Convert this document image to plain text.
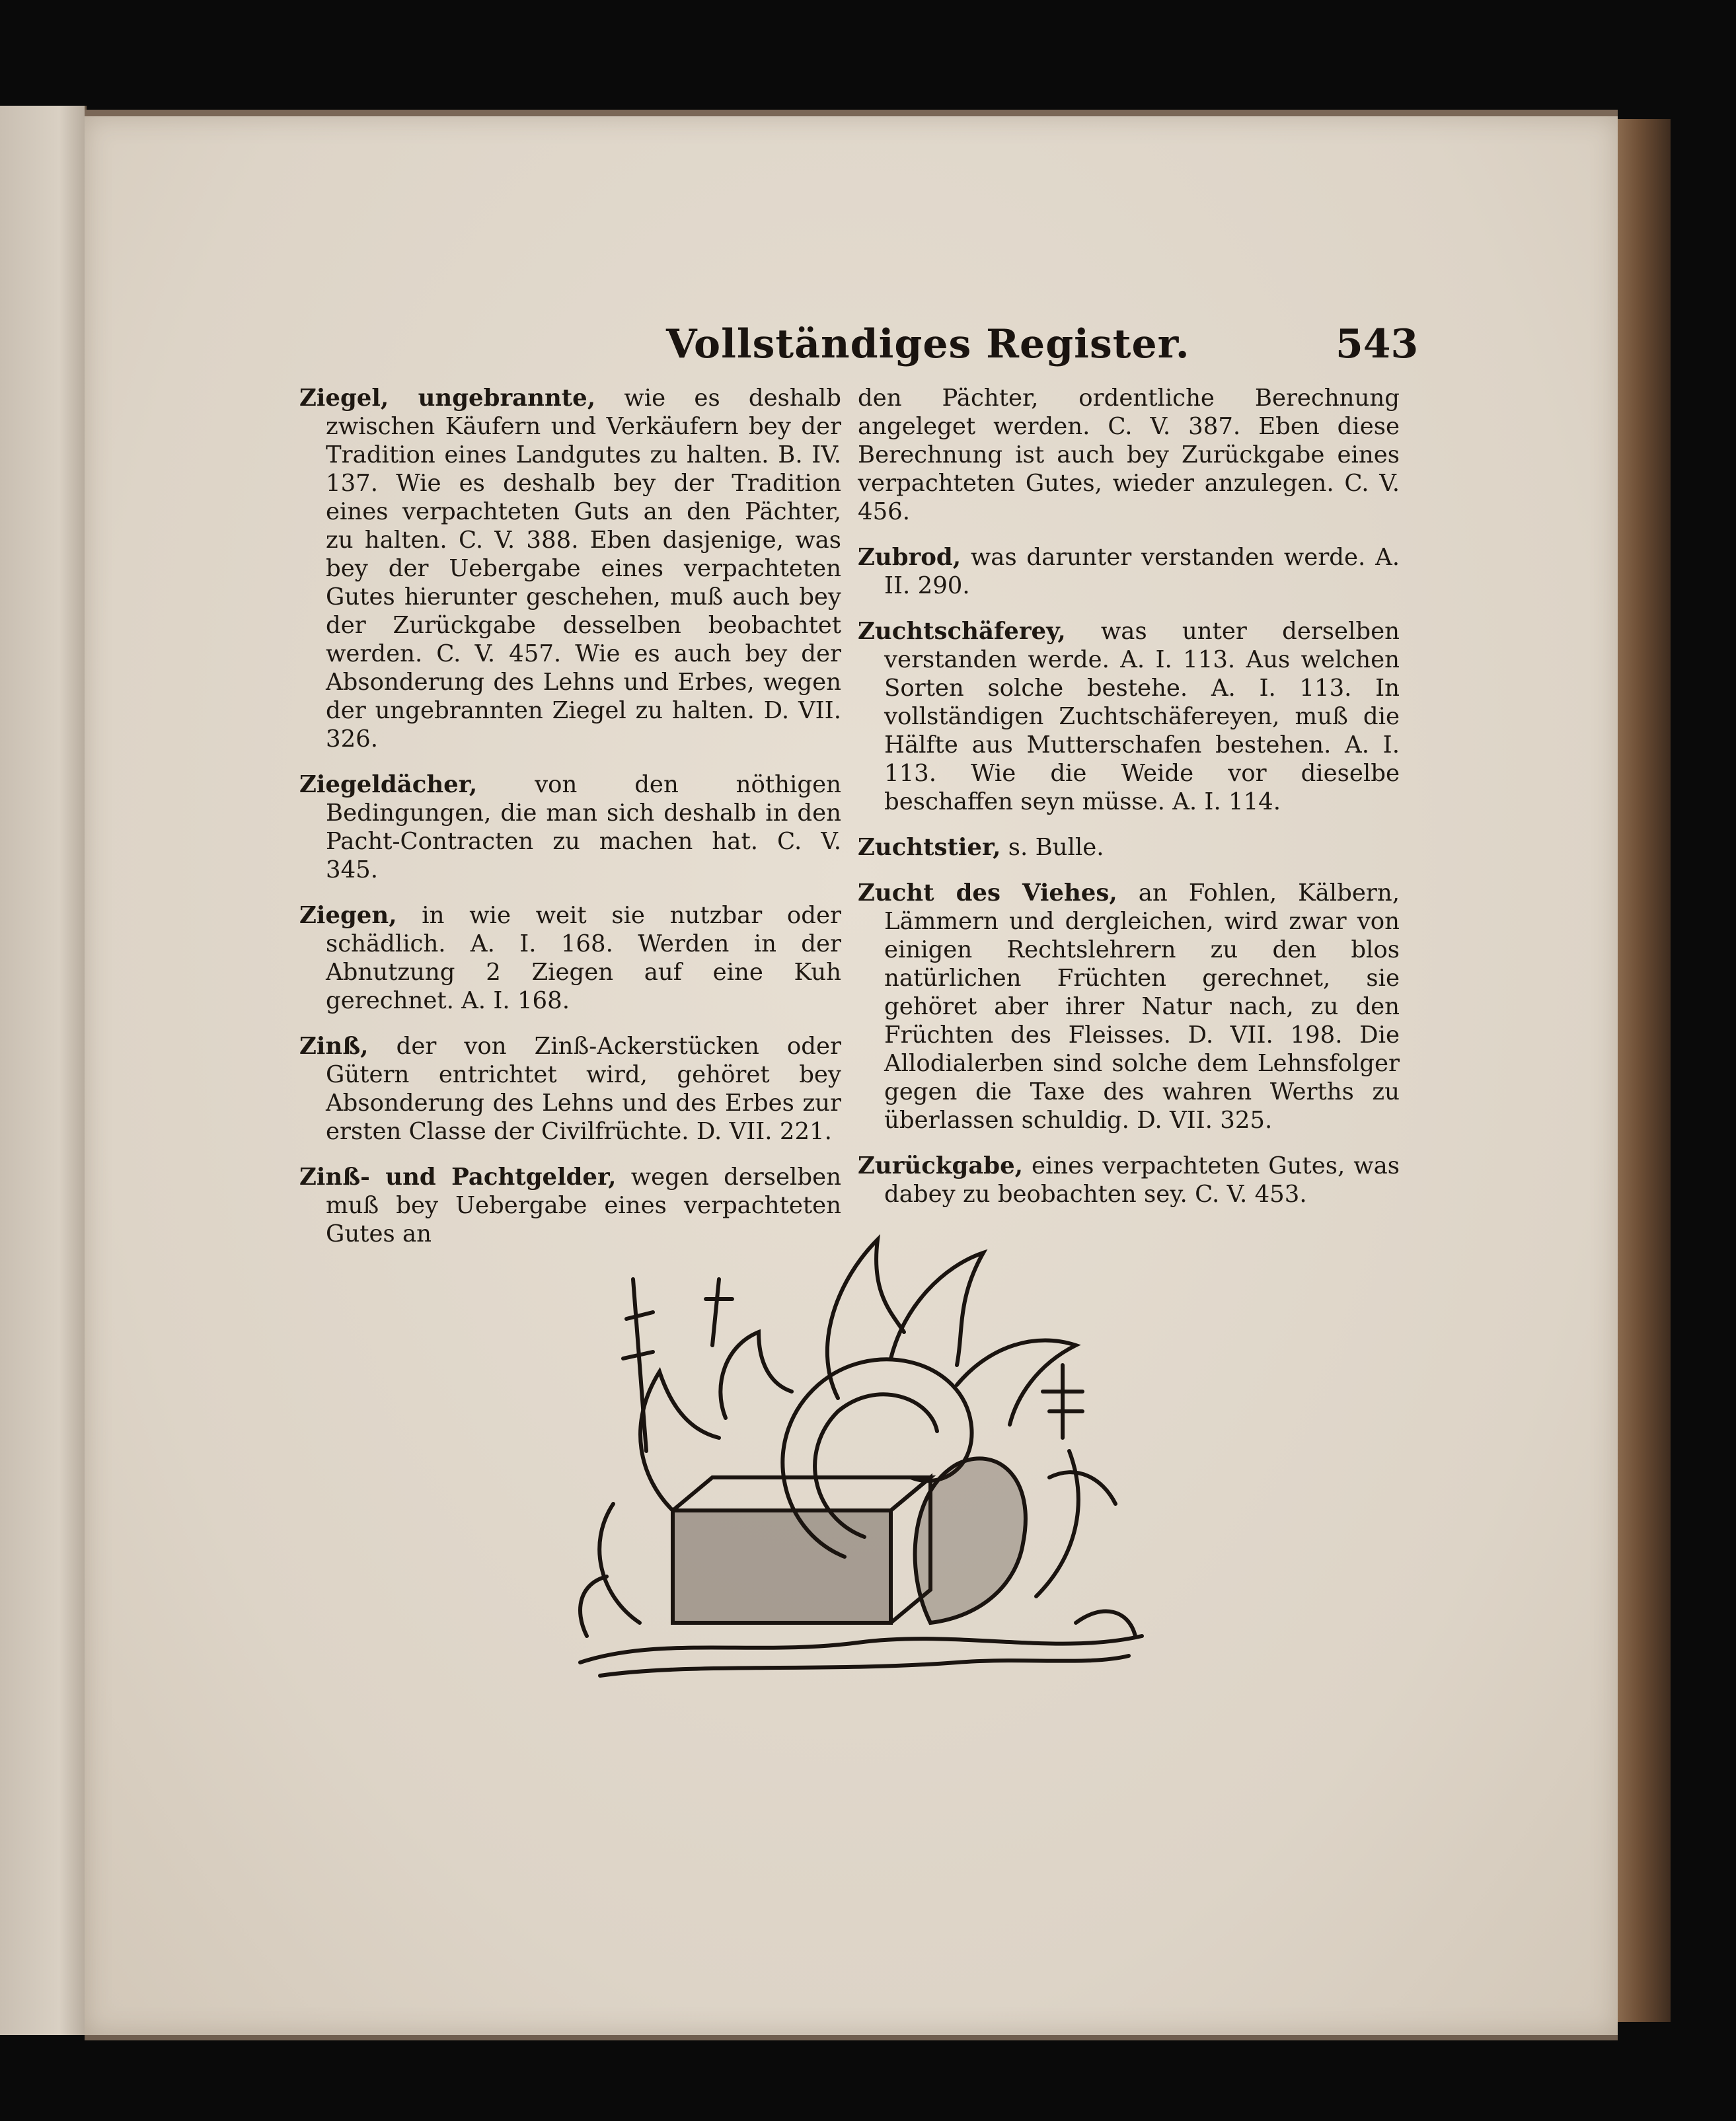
Vollständiges Register.	543

Ziegel, ungebrannte, wie es deshalb zwischen Käufern und Verkäufern bey der Tradition eines Landgutes zu halten. B. IV. 137. Wie es deshalb bey der Tradition eines verpachteten Guts an den Pächter, zu halten. C. V. 388. Eben dasjenige, was bey der Uebergabe eines verpachteten Gutes hierunter geschehen, muß auch bey der Zurückgabe desselben beobachtet werden. C. V. 457. Wie es auch bey der Absonderung des Lehns und Erbes, wegen der ungebrannten Ziegel zu halten. D. VII. 326.

Ziegeldächer, von den nöthigen Bedingungen, die man sich deshalb in den Pacht-Contracten zu machen hat. C. V. 345.

Ziegen, in wie weit sie nutzbar oder schädlich. A. I. 168. Werden in der Abnutzung 2 Ziegen auf eine Kuh gerechnet. A. I. 168.

Zinß, der von Zinß-Ackerstücken oder Gütern entrichtet wird, gehöret bey Absonderung des Lehns und des Erbes zur ersten Classe der Civilfrüchte. D. VII. 221.

Zinß- und Pachtgelder, wegen derselben muß bey Uebergabe eines verpachteten Gutes an

den Pächter, ordentliche Berechnung angeleget werden. C. V. 387. Eben diese Berechnung ist auch bey Zurückgabe eines verpachteten Gutes, wieder anzulegen. C. V. 456.

Zubrod, was darunter verstanden werde. A. II. 290.

Zuchtschäferey, was unter derselben verstanden werde. A. I. 113. Aus welchen Sorten solche bestehe. A. I. 113. In vollständigen Zuchtschäfereyen, muß die Hälfte aus Mutterschafen bestehen. A. I. 113. Wie die Weide vor dieselbe beschaffen seyn müsse. A. I. 114.

Zuchtstier, s. Bulle.

Zucht des Viehes, an Fohlen, Kälbern, Lämmern und dergleichen, wird zwar von einigen Rechtslehrern zu den blos natürlichen Früchten gerechnet, sie gehöret aber ihrer Natur nach, zu den Früchten des Fleisses. D. VII. 198. Die Allodialerben sind solche dem Lehnsfolger gegen die Taxe des wahren Werths zu überlassen schuldig. D. VII. 325.

Zurückgabe, eines verpachteten Gutes, was dabey zu beobachten sey. C. V. 453.
